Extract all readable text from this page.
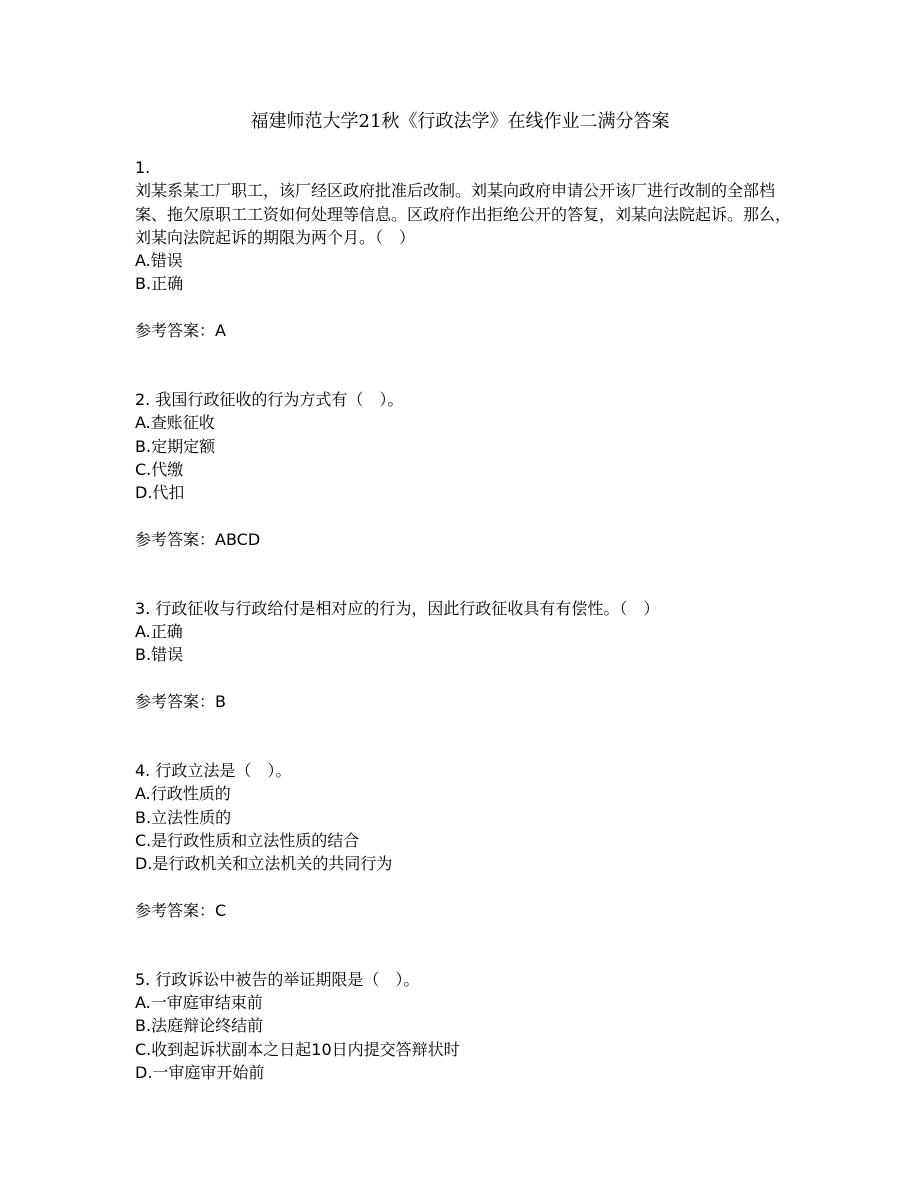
福建师范大学21秋《行政法学》在线作业二满分答案
1.
刘某系某工厂职工，该厂经区政府批准后改制。刘某向政府申请公开该厂进行改制的全部档案、拖欠原职工工资如何处理等信息。区政府作出拒绝公开的答复，刘某向法院起诉。那么，刘某向法院起诉的期限为两个月。（　）
A.错误
B.正确
参考答案：A
2. 我国行政征收的行为方式有（　）。
A.查账征收
B.定期定额
C.代缴
D.代扣
参考答案：ABCD
3. 行政征收与行政给付是相对应的行为，因此行政征收具有有偿性。（　）
A.正确
B.错误
参考答案：B
4. 行政立法是（　）。
A.行政性质的
B.立法性质的
C.是行政性质和立法性质的结合
D.是行政机关和立法机关的共同行为
参考答案：C
5. 行政诉讼中被告的举证期限是（　）。
A.一审庭审结束前
B.法庭辩论终结前
C.收到起诉状副本之日起10日内提交答辩状时
D.一审庭审开始前
